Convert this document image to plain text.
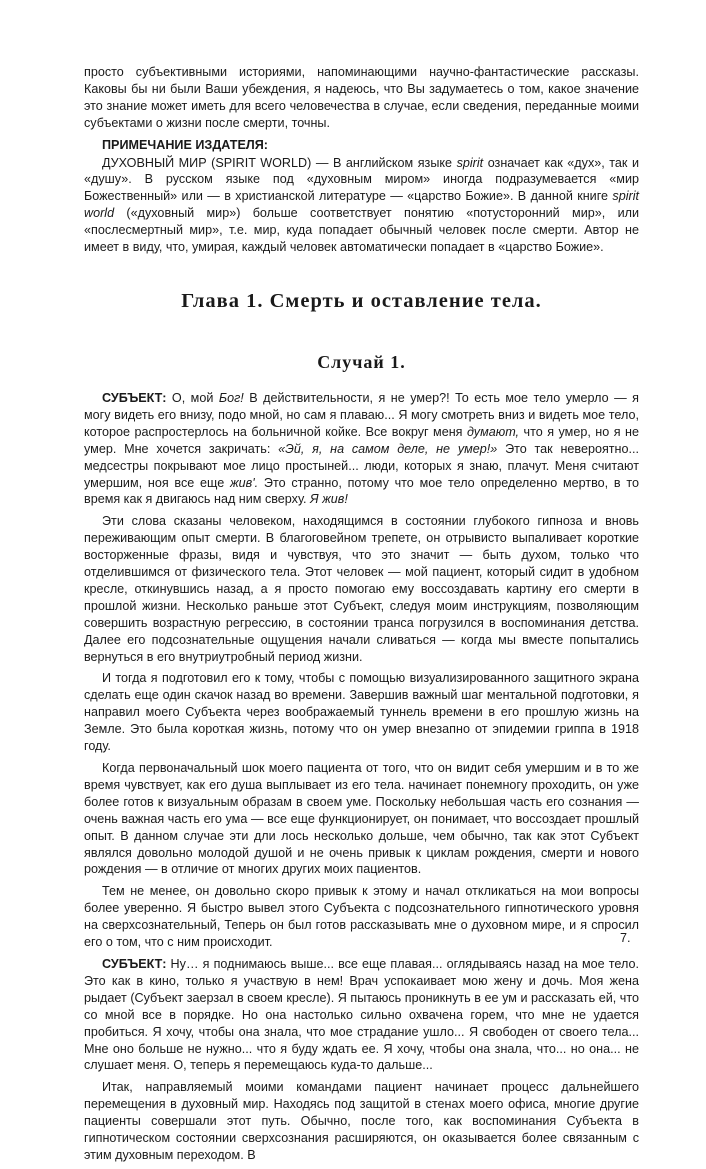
просто субъективными историями, напоминающими научно-фантастические рассказы. Каковы бы ни были Ваши убеждения, я надеюсь, что Вы задумаетесь о том, какое значение это знание может иметь для всего человечества в случае, если сведения, переданные моими субъектами о жизни после смерти, точны.

ПРИМЕЧАНИЕ ИЗДАТЕЛЯ:

ДУХОВНЫЙ МИР (SPIRIT WORLD) — В английском языке spirit означает как «дух», так и «душу». В русском языке под «духовным миром» иногда подразумевается «мир Божественный» или — в христианской литературе — «царство Божие». В данной книге spirit world («духовный мир») больше соответствует понятию «потусторонний мир», или «послесмертный мир», т.е. мир, куда попадает обычный человек после смерти. Автор не имеет в виду, что, умирая, каждый человек автоматически попадает в «царство Божие».

Глава 1. Смерть и оставление тела.
Случай 1.

СУБЪЕКТ: О, мой Бог! В действительности, я не умер?! То есть мое тело умерло — я могу видеть его внизу, подо мной, но сам я плаваю... Я могу смотреть вниз и видеть мое тело, которое распростерлось на больничной койке. Все вокруг меня думают, что я умер, но я не умер. Мне хочется закричать: «Эй, я, на самом деле, не умер!» Это так невероятно... медсестры покрывают мое лицо простыней... люди, которых я знаю, плачут. Меня считают умершим, ноя все еще жив'. Это странно, потому что мое тело определенно мертво, в то время как я двигаюсь над ним сверху. Я жив!

Эти слова сказаны человеком, находящимся в состоянии глубокого гипноза и вновь переживающим опыт смерти. В благоговейном трепете, он отрывисто выпаливает короткие восторженные фразы, видя и чувствуя, что это значит — быть духом, только что отделившимся от физического тела. Этот человек — мой пациент, который сидит в удобном кресле, откинувшись назад, а я просто помогаю ему воссоздавать картину его смерти в прошлой жизни. Несколько раньше этот Субъект, следуя моим инструкциям, позволяющим совершить возрастную регрессию, в состоянии транса погрузился в воспоминания детства. Далее его подсознательные ощущения начали сливаться — когда мы вместе попытались вернуться в его внутриутробный период жизни.

И тогда я подготовил его к тому, чтобы с помощью визуализированного защитного экрана сделать еще один скачок назад во времени. Завершив важный шаг ментальной подготовки, я направил моего Субъекта через воображаемый туннель времени в его прошлую жизнь на Земле. Это была короткая жизнь, потому что он умер внезапно от эпидемии гриппа в 1918 году.

Когда первоначальный шок моего пациента от того, что он видит себя умершим и в то же время чувствует, как его душа выплывает из его тела. начинает понемногу проходить, он уже более готов к визуальным образам в своем уме. Поскольку небольшая часть его сознания — очень важная часть его ума — все еще функционирует, он понимает, что воссоздает прошлый опыт. В данном случае эти дли лось несколько дольше, чем обычно, так как этот Субъект являлся довольно молодой душой и не очень привык к циклам рождения, смерти и нового рождения — в отличие от многих других моих пациентов.

Тем не менее, он довольно скоро привык к этому и начал откликаться на мои вопросы более уверенно. Я быстро вывел этого Субъекта с подсознательного гипнотического уровня на сверхсознательный, Теперь он был готов рассказывать мне о духовном мире, и я спросил его о том, что с ним происходит.

СУБЪЕКТ: Ну… я поднимаюсь выше... все еще плавая... оглядываясь назад на мое тело. Это как в кино, только я участвую в нем! Врач успокаивает мою жену и дочь. Моя жена рыдает (Субъект заерзал в своем кресле). Я пытаюсь проникнуть в ее ум и рассказать ей, что со мной все в порядке. Но она настолько сильно охвачена горем, что мне не удается пробиться. Я хочу, чтобы она знала, что мое страдание ушло... Я свободен от своего тела... Мне оно больше не нужно... что я буду ждать ее. Я хочу, чтобы она знала, что... но она... не слушает меня. О, теперь я перемещаюсь куда-то дальше...

Итак, направляемый моими командами пациент начинает процесс дальнейшего перемещения в духовный мир. Находясь под защитой в стенах моего офиса, многие другие пациенты совершали этот путь. Обычно, после того, как воспоминания Субъекта в гипнотическом состоянии сверхсознания расширяются, он оказывается более связанным с этим духовным переходом. В

7.
